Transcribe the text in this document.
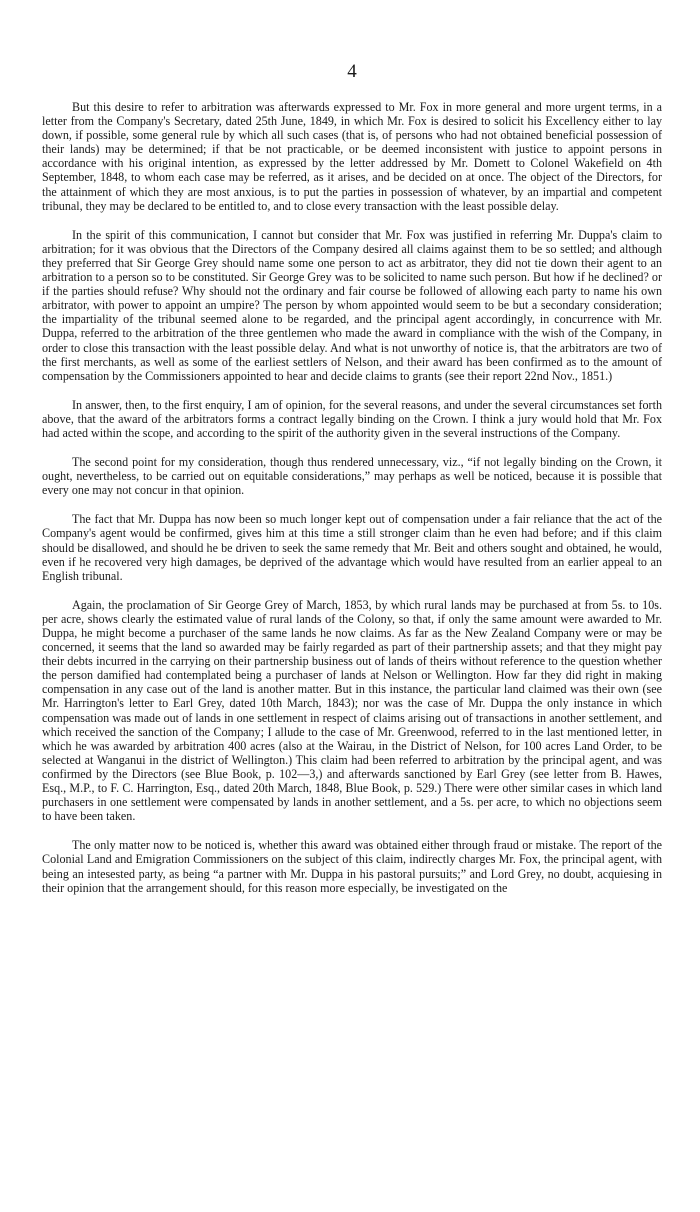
4

But this desire to refer to arbitration was afterwards expressed to Mr. Fox in more general and more urgent terms, in a letter from the Company's Secretary, dated 25th June, 1849, in which Mr. Fox is desired to solicit his Excellency either to lay down, if possible, some general rule by which all such cases (that is, of persons who had not obtained beneficial possession of their lands) may be determined; if that be not practicable, or be deemed inconsistent with justice to appoint persons in accordance with his original intention, as expressed by the letter addressed by Mr. Domett to Colonel Wakefield on 4th September, 1848, to whom each case may be referred, as it arises, and be decided on at once. The object of the Directors, for the attainment of which they are most anxious, is to put the parties in possession of whatever, by an impartial and competent tribunal, they may be declared to be entitled to, and to close every transaction with the least possible delay.

In the spirit of this communication, I cannot but consider that Mr. Fox was justified in referring Mr. Duppa's claim to arbitration; for it was obvious that the Directors of the Company desired all claims against them to be so settled; and although they preferred that Sir George Grey should name some one person to act as arbitrator, they did not tie down their agent to an arbitration to a person so to be constituted. Sir George Grey was to be solicited to name such person. But how if he declined? or if the parties should refuse? Why should not the ordinary and fair course be followed of allowing each party to name his own arbitrator, with power to appoint an umpire? The person by whom appointed would seem to be but a secondary consideration; the impartiality of the tribunal seemed alone to be regarded, and the principal agent accordingly, in concurrence with Mr. Duppa, referred to the arbitration of the three gentlemen who made the award in compliance with the wish of the Company, in order to close this transaction with the least possible delay. And what is not unworthy of notice is, that the arbitrators are two of the first merchants, as well as some of the earliest settlers of Nelson, and their award has been confirmed as to the amount of compensation by the Commissioners appointed to hear and decide claims to grants (see their report 22nd Nov., 1851.)

In answer, then, to the first enquiry, I am of opinion, for the several reasons, and under the several circumstances set forth above, that the award of the arbitrators forms a contract legally binding on the Crown. I think a jury would hold that Mr. Fox had acted within the scope, and according to the spirit of the authority given in the several instructions of the Company.

The second point for my consideration, though thus rendered unnecessary, viz., “if not legally binding on the Crown, it ought, nevertheless, to be carried out on equitable considerations,” may perhaps as well be noticed, because it is possible that every one may not concur in that opinion.

The fact that Mr. Duppa has now been so much longer kept out of compensation under a fair reliance that the act of the Company's agent would be confirmed, gives him at this time a still stronger claim than he even had before; and if this claim should be disallowed, and should he be driven to seek the same remedy that Mr. Beit and others sought and obtained, he would, even if he recovered very high damages, be deprived of the advantage which would have resulted from an earlier appeal to an English tribunal.

Again, the proclamation of Sir George Grey of March, 1853, by which rural lands may be purchased at from 5s. to 10s. per acre, shows clearly the estimated value of rural lands of the Colony, so that, if only the same amount were awarded to Mr. Duppa, he might become a purchaser of the same lands he now claims. As far as the New Zealand Company were or may be concerned, it seems that the land so awarded may be fairly regarded as part of their partnership assets; and that they might pay their debts incurred in the carrying on their partnership business out of lands of theirs without reference to the question whether the person damified had contemplated being a purchaser of lands at Nelson or Wellington. How far they did right in making compensation in any case out of the land is another matter. But in this instance, the particular land claimed was their own (see Mr. Harrington's letter to Earl Grey, dated 10th March, 1843); nor was the case of Mr. Duppa the only instance in which compensation was made out of lands in one settlement in respect of claims arising out of transactions in another settlement, and which received the sanction of the Company; I allude to the case of Mr. Greenwood, referred to in the last mentioned letter, in which he was awarded by arbitration 400 acres (also at the Wairau, in the District of Nelson, for 100 acres Land Order, to be selected at Wanganui in the district of Wellington.) This claim had been referred to arbitration by the principal agent, and was confirmed by the Directors (see Blue Book, p. 102—3,) and afterwards sanctioned by Earl Grey (see letter from B. Hawes, Esq., M.P., to F. C. Harrington, Esq., dated 20th March, 1848, Blue Book, p. 529.) There were other similar cases in which land purchasers in one settlement were compensated by lands in another settlement, and a 5s. per acre, to which no objections seem to have been taken.

The only matter now to be noticed is, whether this award was obtained either through fraud or mistake. The report of the Colonial Land and Emigration Commissioners on the subject of this claim, indirectly charges Mr. Fox, the principal agent, with being an intesested party, as being “a partner with Mr. Duppa in his pastoral pursuits;” and Lord Grey, no doubt, acquiesing in their opinion that the arrangement should, for this reason more especially, be investigated on the
